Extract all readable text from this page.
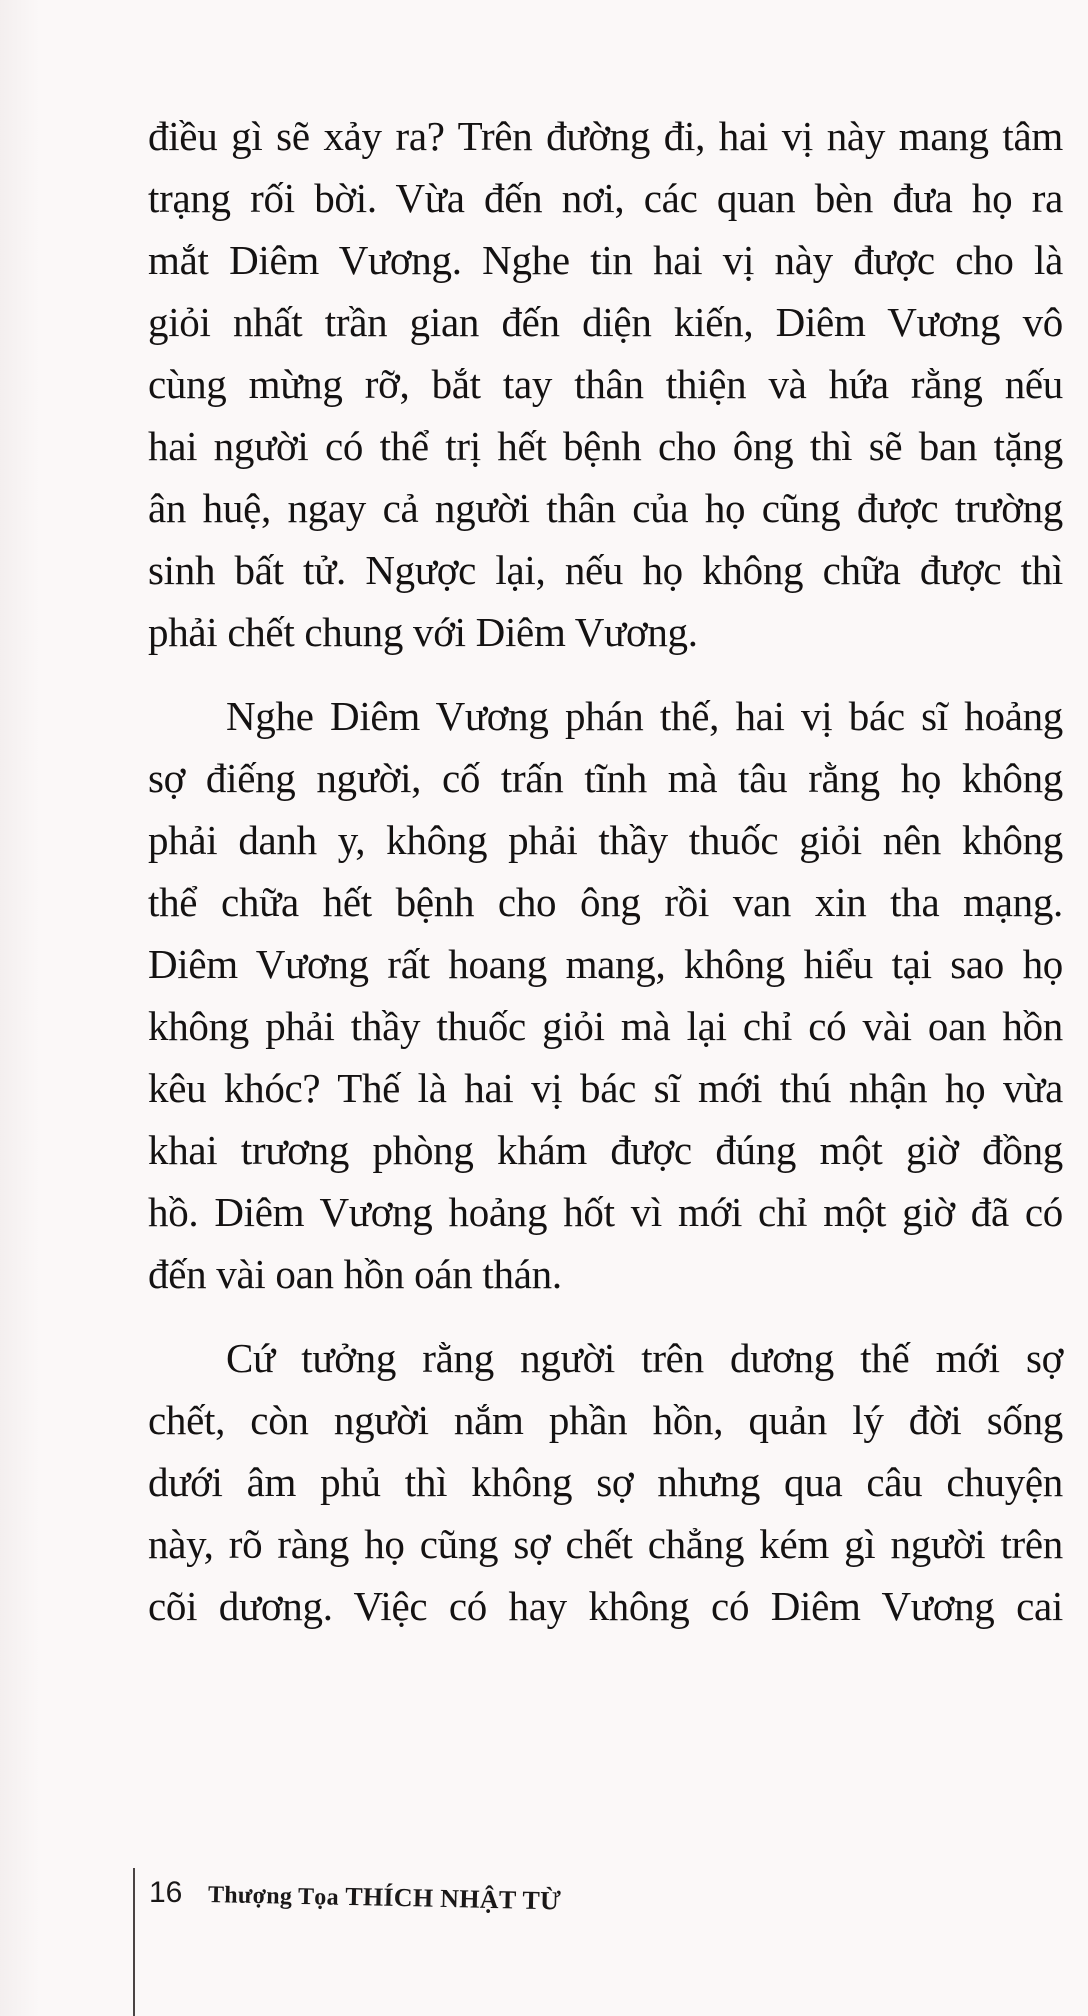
điều gì sẽ xảy ra? Trên đường đi, hai vị này mang tâm
trạng rối bời. Vừa đến nơi, các quan bèn đưa họ ra
mắt Diêm Vương. Nghe tin hai vị này được cho là
giỏi nhất trần gian đến diện kiến, Diêm Vương vô
cùng mừng rỡ, bắt tay thân thiện và hứa rằng nếu
hai người có thể trị hết bệnh cho ông thì sẽ ban tặng
ân huệ, ngay cả người thân của họ cũng được trường
sinh bất tử. Ngược lại, nếu họ không chữa được thì
phải chết chung với Diêm Vương.
Nghe Diêm Vương phán thế, hai vị bác sĩ hoảng
sợ điếng người, cố trấn tĩnh mà tâu rằng họ không
phải danh y, không phải thầy thuốc giỏi nên không
thể chữa hết bệnh cho ông rồi van xin tha mạng.
Diêm Vương rất hoang mang, không hiểu tại sao họ
không phải thầy thuốc giỏi mà lại chỉ có vài oan hồn
kêu khóc? Thế là hai vị bác sĩ mới thú nhận họ vừa
khai trương phòng khám được đúng một giờ đồng
hồ. Diêm Vương hoảng hốt vì mới chỉ một giờ đã có
đến vài oan hồn oán thán.
Cứ tưởng rằng người trên dương thế mới sợ
chết, còn người nắm phần hồn, quản lý đời sống
dưới âm phủ thì không sợ nhưng qua câu chuyện
này, rõ ràng họ cũng sợ chết chẳng kém gì người trên
cõi dương. Việc có hay không có Diêm Vương cai
16 Thượng Tọa THÍCH NHẬT TỪ
